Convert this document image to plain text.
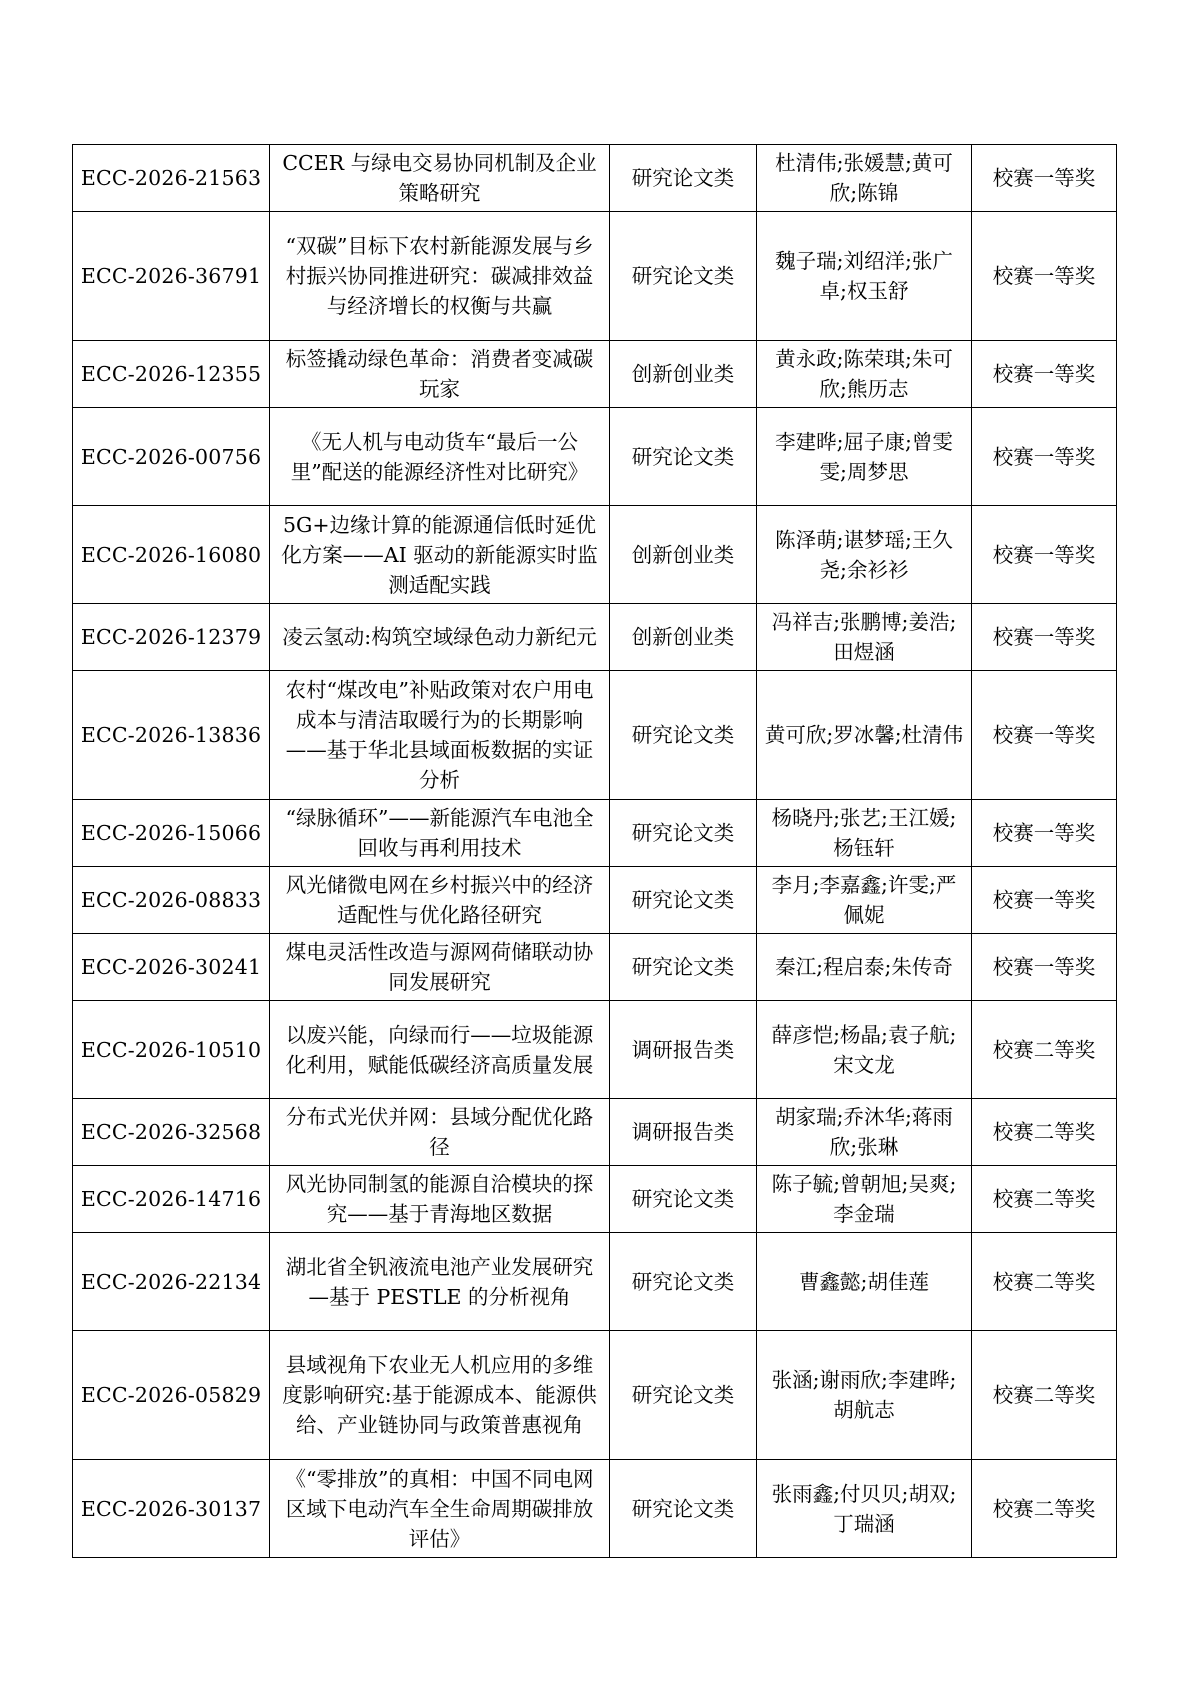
ECC-2026-21563	CCER 与绿电交易协同机制及企业策略研究	研究论文类	杜清伟;张媛慧;黄可欣;陈锦	校赛一等奖
ECC-2026-36791	“双碳”目标下农村新能源发展与乡村振兴协同推进研究：碳减排效益与经济增长的权衡与共赢	研究论文类	魏子瑞;刘绍洋;张广卓;权玉舒	校赛一等奖
ECC-2026-12355	标签撬动绿色革命：消费者变减碳玩家	创新创业类	黄永政;陈荣琪;朱可欣;熊历志	校赛一等奖
ECC-2026-00756	《无人机与电动货车“最后一公里”配送的能源经济性对比研究》	研究论文类	李建晔;屈子康;曾雯雯;周梦思	校赛一等奖
ECC-2026-16080	5G+边缘计算的能源通信低时延优化方案——AI 驱动的新能源实时监测适配实践	创新创业类	陈泽萌;谌梦瑶;王久尧;余衫衫	校赛一等奖
ECC-2026-12379	凌云氢动:构筑空域绿色动力新纪元	创新创业类	冯祥吉;张鹏博;姜浩;田煜涵	校赛一等奖
ECC-2026-13836	农村“煤改电”补贴政策对农户用电成本与清洁取暖行为的长期影响 ——基于华北县域面板数据的实证分析	研究论文类	黄可欣;罗冰馨;杜清伟	校赛一等奖
ECC-2026-15066	“绿脉循环”——新能源汽车电池全回收与再利用技术	研究论文类	杨晓丹;张艺;王江媛;杨钰轩	校赛一等奖
ECC-2026-08833	风光储微电网在乡村振兴中的经济适配性与优化路径研究	研究论文类	李月;李嘉鑫;许雯;严佩妮	校赛一等奖
ECC-2026-30241	煤电灵活性改造与源网荷储联动协同发展研究	研究论文类	秦江;程启泰;朱传奇	校赛一等奖
ECC-2026-10510	以废兴能，向绿而行——垃圾能源化利用，赋能低碳经济高质量发展	调研报告类	薛彦恺;杨晶;袁子航;宋文龙	校赛二等奖
ECC-2026-32568	分布式光伏并网：县域分配优化路径	调研报告类	胡家瑞;乔沐华;蒋雨欣;张琳	校赛二等奖
ECC-2026-14716	风光协同制氢的能源自洽模块的探究——基于青海地区数据	研究论文类	陈子毓;曾朝旭;吴爽;李金瑞	校赛二等奖
ECC-2026-22134	湖北省全钒液流电池产业发展研究—基于 PESTLE 的分析视角	研究论文类	曹鑫懿;胡佳莲	校赛二等奖
ECC-2026-05829	县域视角下农业无人机应用的多维度影响研究:基于能源成本、能源供给、产业链协同与政策普惠视角	研究论文类	张涵;谢雨欣;李建晔;胡航志	校赛二等奖
ECC-2026-30137	《“零排放”的真相：中国不同电网区域下电动汽车全生命周期碳排放评估》	研究论文类	张雨鑫;付贝贝;胡双;丁瑞涵	校赛二等奖
